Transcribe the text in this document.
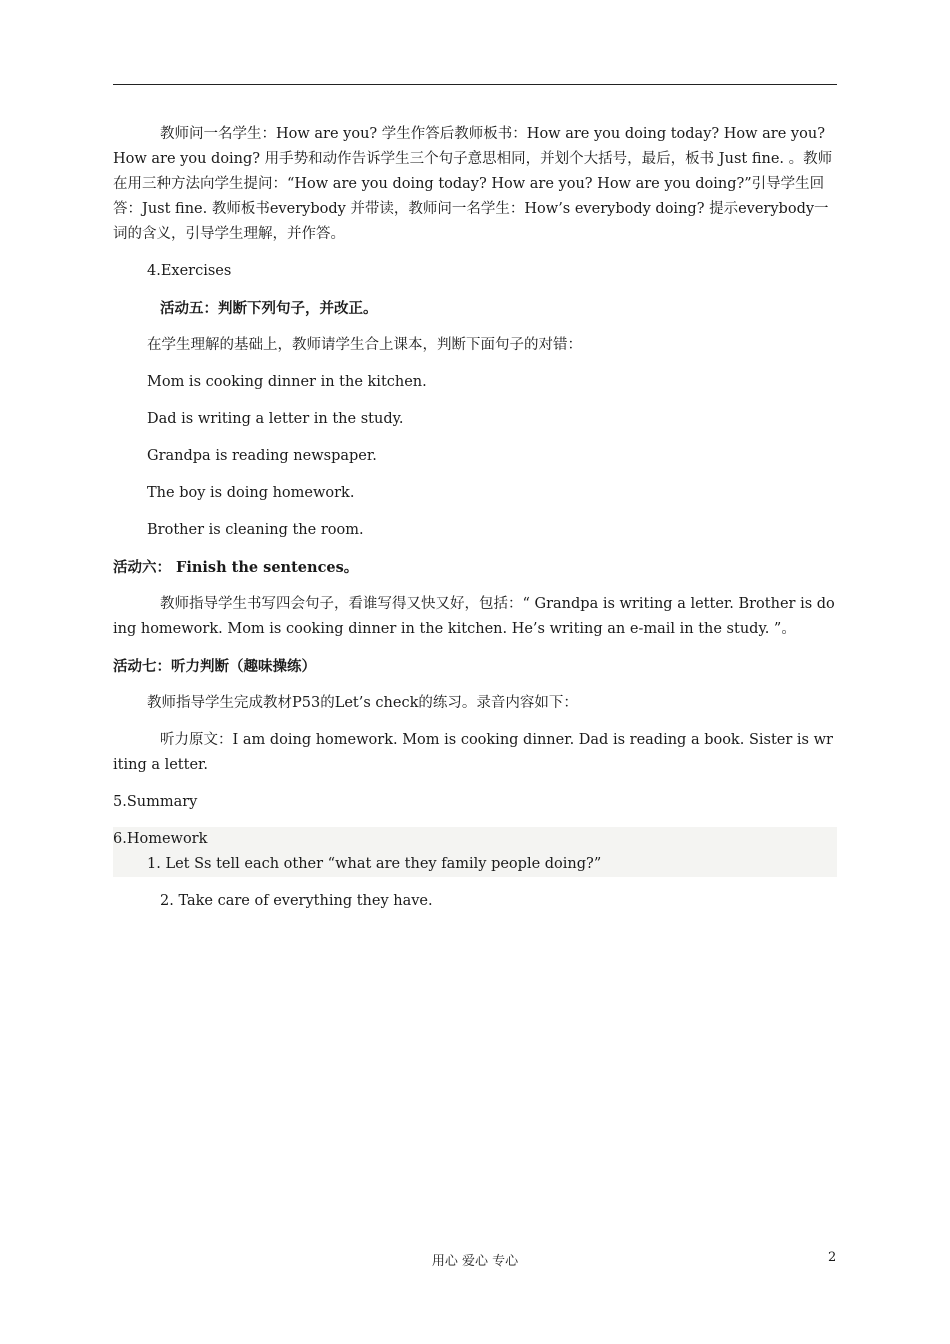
教师问一名学生：How are you? 学生作答后教师板书：How are you doing today? How are you? How are you doing? 用手势和动作告诉学生三个句子意思相同，并划个大括号，最后，板书 Just fine. 。教师在用三种方法向学生提问：“How are you doing today? How are you? How are you doing?”引导学生回答：Just fine. 教师板书everybody 并带读，教师问一名学生：How’s everybody doing? 提示everybody一词的含义，引导学生理解，并作答。

4.Exercises

活动五：判断下列句子，并改正。

在学生理解的基础上，教师请学生合上课本，判断下面句子的对错：

Mom is cooking dinner in the kitchen.

Dad is writing a letter in the study.

Grandpa is reading newspaper.

The boy is doing homework.

Brother is cleaning the room.

活动六： Finish the sentences。

教师指导学生书写四会句子，看谁写得又快又好，包括：“ Grandpa is writing a letter. Brother is doing homework. Mom is cooking dinner in the kitchen. He’s writing an e-mail in the study. ”。

活动七：听力判断（趣味操练）

教师指导学生完成教材P53的Let’s check的练习。录音内容如下：

听力原文：I am doing homework. Mom is cooking dinner. Dad is reading a book. Sister is writing a letter.

5.Summary

6.Homework

1. Let Ss tell each other “what are they family people doing?”

2. Take care of everything they have.

用心 爱心 专心	2
